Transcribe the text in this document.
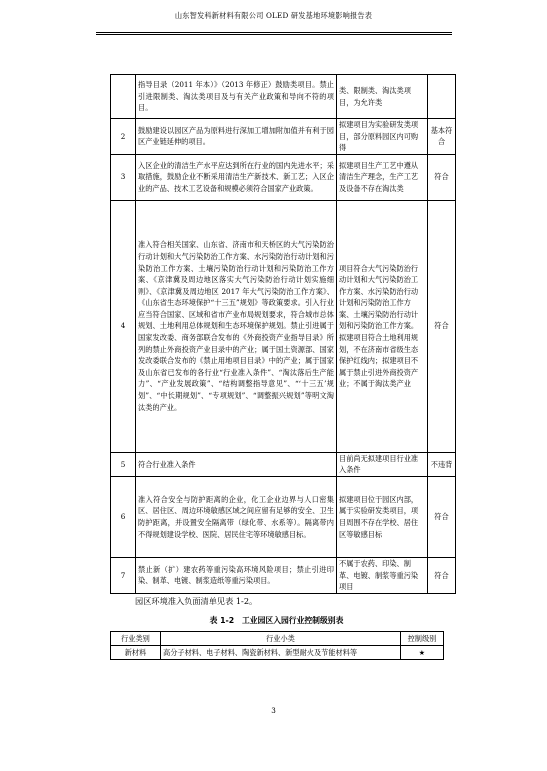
山东智发科新材料有限公司 OLED 研发基地环境影响报告表
	指导目录（2011 年本）》（2013 年修正）鼓励类项目。禁止引进限制类、淘汰类项目及与有关产业政策和导向不符的项目。	类、限制类、淘汰类项目，为允许类	
2	鼓励建设以园区产品为原料进行深加工增加附加值并有利于园区产业链延伸的项目。	拟建项目为实验研发类项目，部分原料园区内可购得	基本符合
3	入区企业的清洁生产水平应达到所在行业的国内先进水平；采取措施，鼓励企业不断采用清洁生产新技术、新工艺；入区企业的产品、技术工艺设备和规模必须符合国家产业政策。	拟建项目生产工艺中遵从清洁生产理念，生产工艺及设备不存在淘汰类	符合
4	准入符合相关国家、山东省、济南市和天桥区的大气污染防治行动计划和大气污染防治工作方案、水污染防治行动计划和污染防治工作方案、土壤污染防治行动计划和污染防治工作方案、《京津冀及周边地区落实大气污染防治行动计划实施细则》、《京津冀及周边地区 2017 年大气污染防治工作方案》、《山东省生态环境保护“十三五”规划》等政策要求。引入行业应当符合国家、区域和省市产业布局规划要求，符合城市总体规划、土地利用总体规划和生态环境保护规划。禁止引进属于国家发改委、商务部联合发布的《外商投资产业指导目录》所列的禁止外商投资产业目录中的产业；属于国土资源部、国家发改委联合发布的《禁止用地项目目录》中的产业；属于国家及山东省已发布的各行业“行业准入条件”、“淘汰落后生产能力”、“产业发展政策”、“结构调整指导意见”、“‘十三五’规划”、“中长期规划”、“专项规划”、“调整振兴规划”等明文淘汰类的产业。	项目符合大气污染防治行动计划和大气污染防治工作方案、水污染防治行动计划和污染防治工作方案、土壤污染防治行动计划和污染防治工作方案。拟建项目符合土地利用规划，不在济南市省级生态保护红线内；拟建项目不属于禁止引进外商投资产业；不属于淘汰类产业	符合
5	符合行业准入条件	目前尚无拟建项目行业准入条件	不违背
6	准入符合安全与防护距离的企业，化工企业边界与人口密集区、居住区、周边环境敏感区域之间应留有足够的安全、卫生防护距离，并设置安全隔离带（绿化带、水系等）。隔离带内不得规划建设学校、医院、居民住宅等环境敏感目标。	拟建项目位于园区内部，属于实验研发类项目，项目周围不存在学校、居住区等敏感目标	符合
7	禁止新（扩）建农药等重污染高环境风险项目；禁止引进印染、制革、电镀、制浆造纸等重污染项目。	不属于农药、印染、制革、电镀、制浆等重污染项目	符合
园区环境准入负面清单见表 1-2。
表 1-2　工业园区入园行业控制级别表
行业类别	行业小类	控制级别
新材料	高分子材料、电子材料、陶瓷新材料、新型耐火及节能材料等	★
3
